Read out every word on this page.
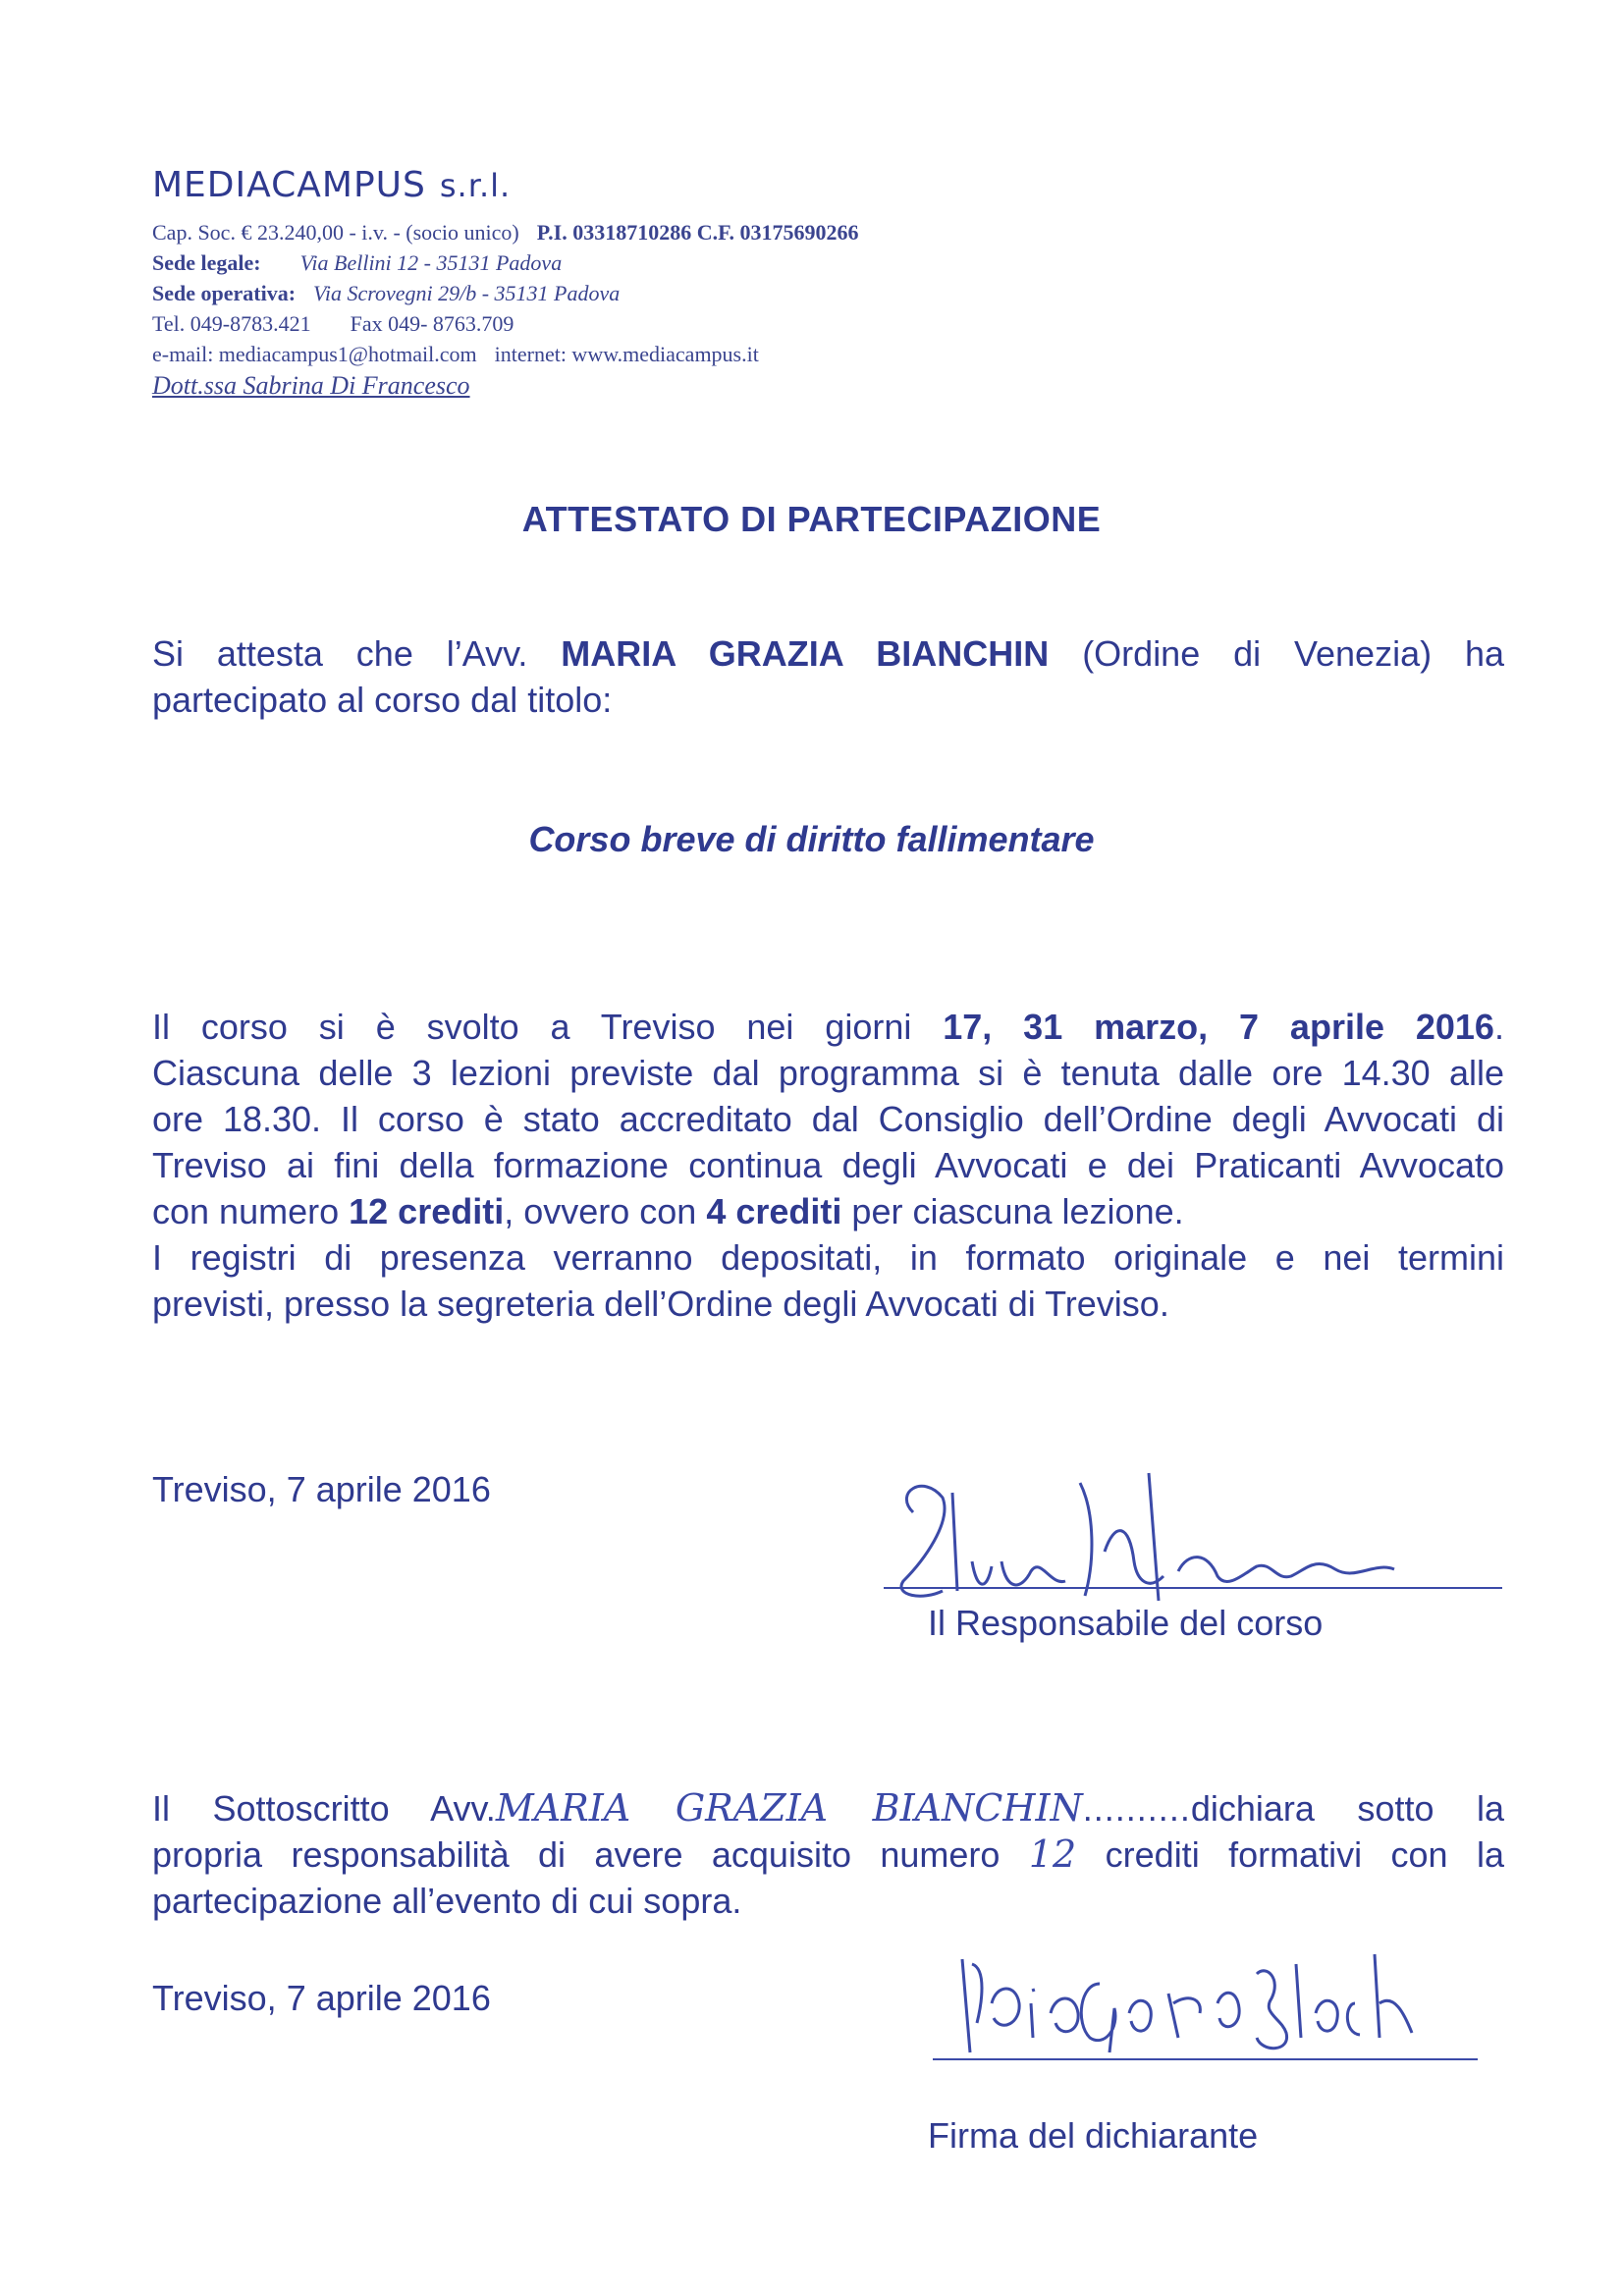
MEDIACAMPUS s.r.l.
Cap. Soc. € 23.240,00 - i.v. - (socio unico) P.I. 03318710286 C.F. 03175690266
Sede legale: Via Bellini 12 - 35131 Padova
Sede operativa: Via Scrovegni 29/b - 35131 Padova
Tel. 049-8783.421 Fax 049- 8763.709
e-mail: mediacampus1@hotmail.com internet: www.mediacampus.it
Dott.ssa Sabrina Di Francesco
ATTESTATO DI PARTECIPAZIONE
Si attesta che l’Avv. MARIA GRAZIA BIANCHIN (Ordine di Venezia) ha
partecipato al corso dal titolo:
Corso breve di diritto fallimentare
Il corso si è svolto a Treviso nei giorni 17, 31 marzo, 7 aprile 2016.
Ciascuna delle 3 lezioni previste dal programma si è tenuta dalle ore 14.30 alle
ore 18.30. Il corso è stato accreditato dal Consiglio dell’Ordine degli Avvocati di
Treviso ai fini della formazione continua degli Avvocati e dei Praticanti Avvocato
con numero 12 crediti, ovvero con 4 crediti per ciascuna lezione.
I registri di presenza verranno depositati, in formato originale e nei termini
previsti, presso la segreteria dell’Ordine degli Avvocati di Treviso.
Treviso, 7 aprile 2016
Il Responsabile del corso
Il Sottoscritto Avv.MARIA GRAZIA BIANCHIN..........dichiara sotto la
propria responsabilità di avere acquisito numero 12 crediti formativi con la
partecipazione all’evento di cui sopra.
Treviso, 7 aprile 2016
Firma del dichiarante
